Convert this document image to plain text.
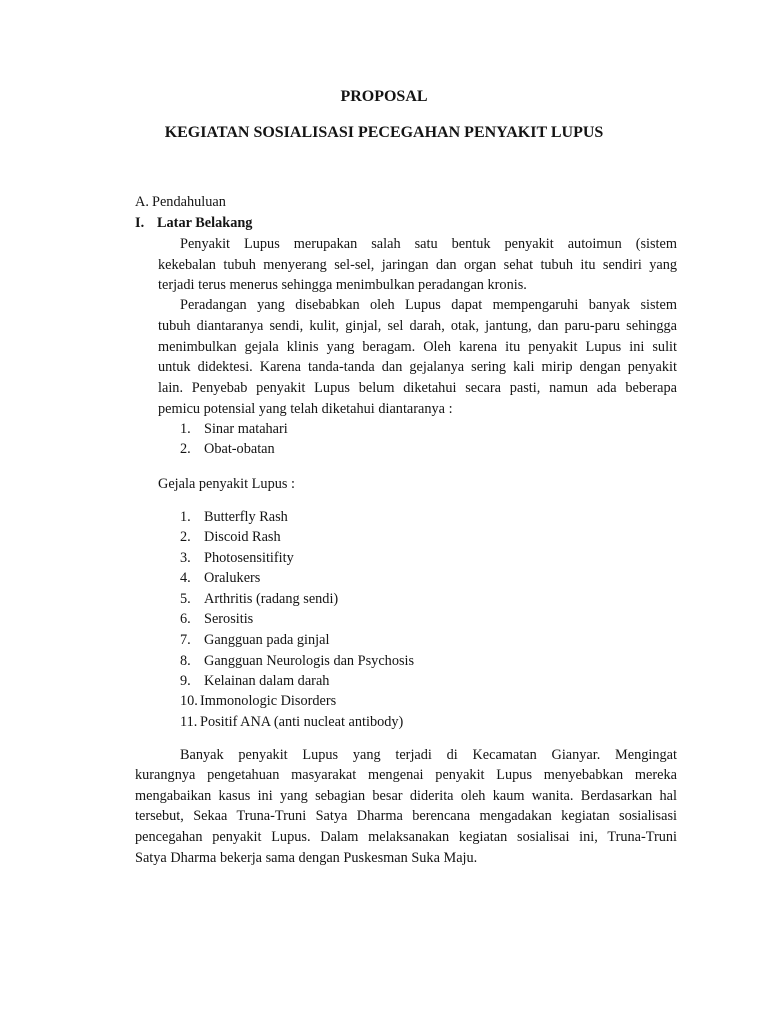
PROPOSAL
KEGIATAN SOSIALISASI PECEGAHAN PENYAKIT LUPUS
A. Pendahuluan
I. Latar Belakang
Penyakit Lupus merupakan salah satu bentuk penyakit autoimun (sistem
kekebalan tubuh menyerang sel-sel, jaringan dan organ sehat tubuh itu sendiri yang
terjadi terus menerus sehingga menimbulkan peradangan kronis.
Peradangan yang disebabkan oleh Lupus dapat mempengaruhi banyak sistem
tubuh diantaranya sendi, kulit, ginjal, sel darah, otak, jantung, dan paru-paru sehingga
menimbulkan gejala klinis yang beragam. Oleh karena itu penyakit Lupus ini sulit
untuk didektesi. Karena tanda-tanda dan gejalanya sering kali mirip dengan penyakit
lain. Penyebab penyakit Lupus belum diketahui secara pasti, namun ada beberapa
pemicu potensial yang telah diketahui diantaranya :
1. Sinar matahari
2. Obat-obatan
Gejala penyakit Lupus :
1. Butterfly Rash
2. Discoid Rash
3. Photosensitifity
4. Oralukers
5. Arthritis (radang sendi)
6. Serositis
7. Gangguan pada ginjal
8. Gangguan Neurologis dan Psychosis
9. Kelainan dalam darah
10. Immonologic Disorders
11. Positif ANA (anti nucleat antibody)
Banyak penyakit Lupus yang terjadi di Kecamatan Gianyar. Mengingat
kurangnya pengetahuan masyarakat mengenai penyakit Lupus menyebabkan mereka
mengabaikan kasus ini yang sebagian besar diderita oleh kaum wanita. Berdasarkan hal
tersebut, Sekaa Truna-Truni Satya Dharma berencana mengadakan kegiatan sosialisasi
pencegahan penyakit Lupus. Dalam melaksanakan kegiatan sosialisai ini, Truna-Truni
Satya Dharma bekerja sama dengan Puskesman Suka Maju.
